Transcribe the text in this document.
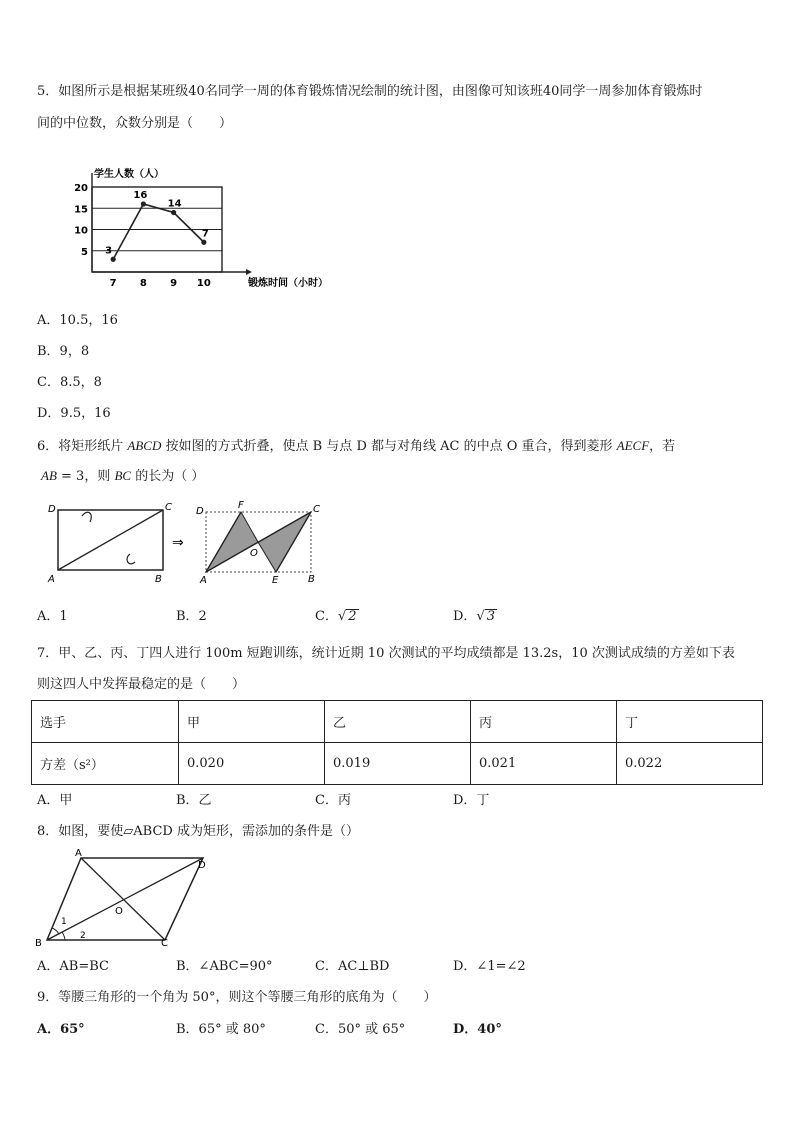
5．如图所示是根据某班级40名同学一周的体育锻炼情况绘制的统计图，由图像可知该班40同学一周参加体育锻炼时
间的中位数，众数分别是（　　）
5
10
15
20
学生人数（人）
锻炼时间（小时）
7 8 9 10
3
16
14
7
A．10.5，16
B．9，8
C．8.5，8
D．9.5，16
6．将矩形纸片 ABCD 按如图的方式折叠，使点 B 与点 D 都与对角线 AC 的中点 O 重合，得到菱形 AECF，若
AB = 3，则 BC 的长为（ ）
D	C
A	B
⇒
D
F	C
O
A	E	B
A．1	B．2	C．√ 2	D．√ 3
7．甲、乙、丙、丁四人进行 100m 短跑训练，统计近期 10 次测试的平均成绩都是 13.2s，10 次测试成绩的方差如下表
则这四人中发挥最稳定的是（　　）
选手	甲	乙	丙	丁
方差（s²）	0.020	0.019	0.021	0.022
A．甲	B．乙	C．丙	D．丁
8．如图，要使▱ABCD 成为矩形，需添加的条件是（）
A
D
O
B	C
1
2
A．AB=BC	B．∠ABC=90°	C．AC⊥BD	D．∠1=∠2
9．等腰三角形的一个角为 50°，则这个等腰三角形的底角为（　　）
A．65°	B．65° 或 80°	C．50° 或 65°	D．40°
